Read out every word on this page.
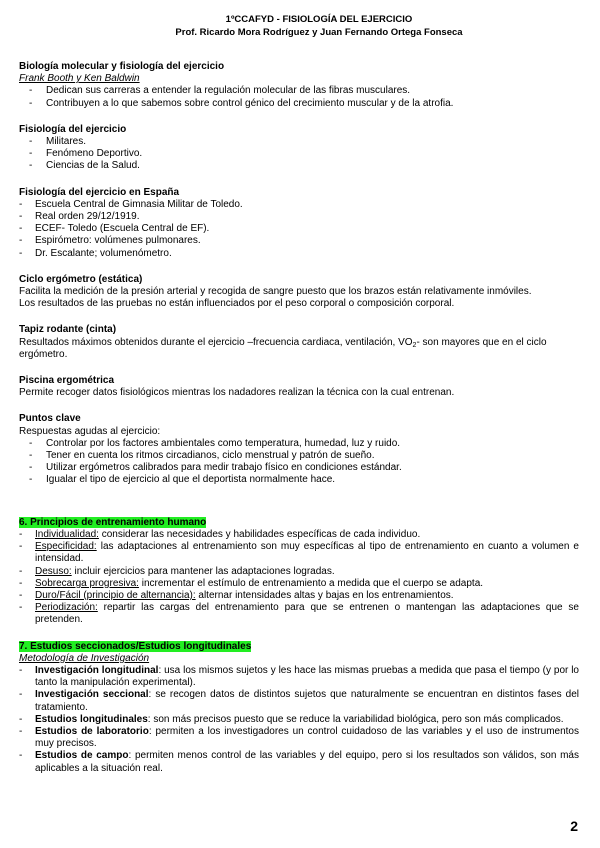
1ºCCAFYD - FISIOLOGÍA DEL EJERCICIO
Prof. Ricardo Mora Rodríguez y Juan Fernando Ortega Fonseca
Biología molecular y fisiología del ejercicio
Frank Booth y Ken Baldwin
- Dedican sus carreras a entender la regulación molecular de las fibras musculares.
- Contribuyen a lo que sabemos sobre control génico del crecimiento muscular y de la atrofia.
Fisiología del ejercicio
- Militares.
- Fenómeno Deportivo.
- Ciencias de la Salud.
Fisiología del ejercicio en España
- Escuela Central de Gimnasia Militar de Toledo.
- Real orden 29/12/1919.
- ECEF- Toledo (Escuela Central de EF).
- Espirómetro: volúmenes pulmonares.
- Dr. Escalante; volumenómetro.
Ciclo ergómetro (estática)
Facilita la medición de la presión arterial y recogida de sangre puesto que los brazos están relativamente inmóviles.
Los resultados de las pruebas no están influenciados por el peso corporal o composición corporal.
Tapiz rodante (cinta)
Resultados máximos obtenidos durante el ejercicio –frecuencia cardiaca, ventilación, $VO_2-$ son mayores que en el ciclo ergómetro.
Piscina ergométrica
Permite recoger datos fisiológicos mientras los nadadores realizan la técnica con la cual entrenan.
Puntos clave
Respuestas agudas al ejercicio:
- Controlar por los factores ambientales como temperatura, humedad, luz y ruido.
- Tener en cuenta los ritmos circadianos, ciclo menstrual y patrón de sueño.
- Utilizar ergómetros calibrados para medir trabajo físico en condiciones estándar.
- Igualar el tipo de ejercicio al que el deportista normalmente hace.
6. Principios de entrenamiento humano
- Individualidad: considerar las necesidades y habilidades específicas de cada individuo.
- Especificidad: las adaptaciones al entrenamiento son muy específicas al tipo de entrenamiento en cuanto a volumen e intensidad.
- Desuso: incluir ejercicios para mantener las adaptaciones logradas.
- Sobrecarga progresiva: incrementar el estímulo de entrenamiento a medida que el cuerpo se adapta.
- Duro/Fácil (principio de alternancia): alternar intensidades altas y bajas en los entrenamientos.
- Periodización: repartir las cargas del entrenamiento para que se entrenen o mantengan las adaptaciones que se pretenden.
7. Estudios seccionados/Estudios longitudinales
Metodología de Investigación
- Investigación longitudinal: usa los mismos sujetos y les hace las mismas pruebas a medida que pasa el tiempo (y por lo tanto la manipulación experimental).
- Investigación seccional: se recogen datos de distintos sujetos que naturalmente se encuentran en distintos fases del tratamiento.
- Estudios longitudinales: son más precisos puesto que se reduce la variabilidad biológica, pero son más complicados.
- Estudios de laboratorio: permiten a los investigadores un control cuidadoso de las variables y el uso de instrumentos muy precisos.
- Estudios de campo: permiten menos control de las variables y del equipo, pero si los resultados son válidos, son más aplicables a la situación real.
2
